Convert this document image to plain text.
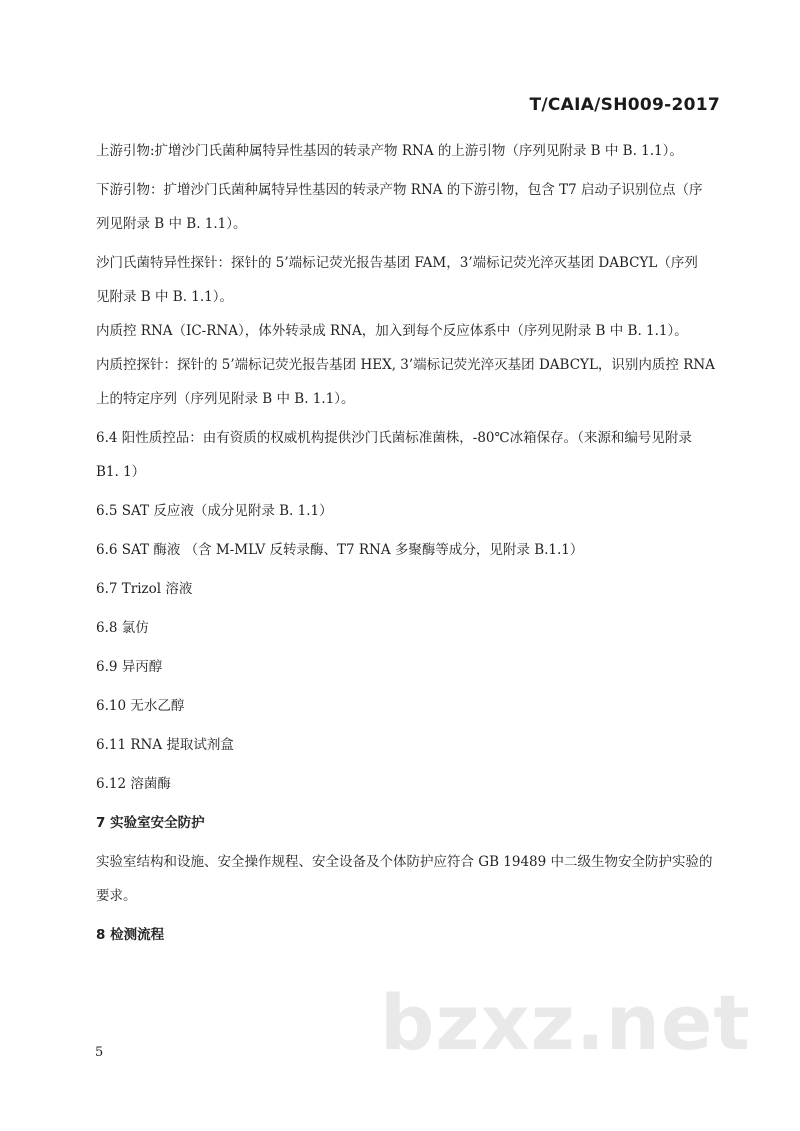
T/CAIA/SH009-2017

上游引物:扩增沙门氏菌种属特异性基因的转录产物 RNA 的上游引物（序列见附录 B 中 B. 1.1）。

下游引物：扩增沙门氏菌种属特异性基因的转录产物 RNA 的下游引物，包含 T7 启动子识别位点（序

列见附录 B 中 B. 1.1）。

沙门氏菌特异性探针：探针的 5’端标记荧光报告基团 FAM，3’端标记荧光淬灭基团 DABCYL（序列

见附录 B 中 B. 1.1）。

内质控 RNA（IC-RNA），体外转录成 RNA，加入到每个反应体系中（序列见附录 B 中 B. 1.1）。

内质控探针：探针的 5’端标记荧光报告基团 HEX, 3’端标记荧光淬灭基团 DABCYL，识别内质控 RNA

上的特定序列（序列见附录 B 中 B. 1.1）。

6.4 阳性质控品：由有资质的权威机构提供沙门氏菌标准菌株，-80℃冰箱保存。（来源和编号见附录

B1. 1）

6.5 SAT 反应液（成分见附录 B. 1.1）

6.6 SAT 酶液 （含 M-MLV 反转录酶、T7 RNA 多聚酶等成分，见附录 B.1.1）

6.7 Trizol 溶液

6.8 氯仿

6.9 异丙醇

6.10 无水乙醇

6.11 RNA 提取试剂盒

6.12 溶菌酶

7 实验室安全防护

实验室结构和设施、安全操作规程、安全设备及个体防护应符合 GB 19489 中二级生物安全防护实验的

要求。

8 检测流程

bzxz.net
5
